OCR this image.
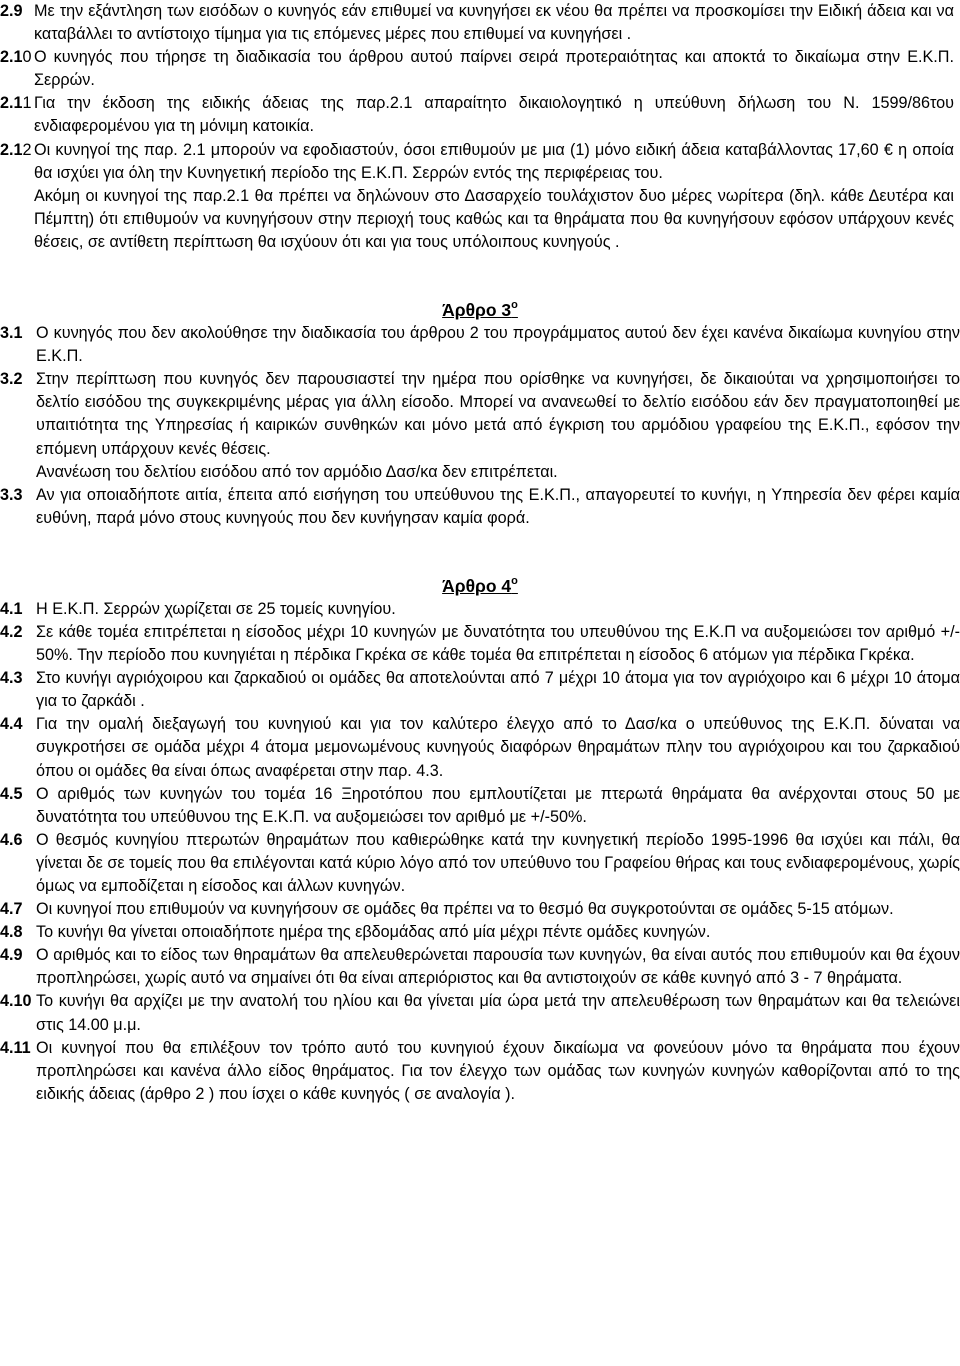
2.9 Με την εξάντληση των εισόδων ο κυνηγός εάν επιθυμεί να κυνηγήσει εκ νέου θα πρέπει να προσκομίσει την Ειδική άδεια και να καταβάλλει το αντίστοιχο τίμημα για τις επόμενες μέρες που επιθυμεί να κυνηγήσει .
2.10 Ο κυνηγός που τήρησε τη διαδικασία του άρθρου αυτού παίρνει σειρά προτεραιότητας και αποκτά το δικαίωμα στην Ε.Κ.Π. Σερρών.
2.11 Για την έκδοση της ειδικής άδειας της παρ.2.1 απαραίτητο δικαιολογητικό η υπεύθυνη δήλωση του Ν. 1599/86του ενδιαφερομένου για τη μόνιμη κατοικία.
2.12 Οι κυνηγοί της παρ. 2.1 μπορούν να εφοδιαστούν, όσοι επιθυμούν με μια (1) μόνο ειδική άδεια καταβάλλοντας 17,60 € η οποία θα ισχύει για όλη την Κυνηγετική περίοδο της Ε.Κ.Π. Σερρών εντός της περιφέρειας του.
Ακόμη οι κυνηγοί της παρ.2.1 θα πρέπει να δηλώνουν στο Δασαρχείο τουλάχιστον δυο μέρες νωρίτερα (δηλ. κάθε Δευτέρα και Πέμπτη) ότι επιθυμούν να κυνηγήσουν στην περιοχή τους καθώς και τα θηράματα που θα κυνηγήσουν εφόσον υπάρχουν κενές θέσεις, σε αντίθετη περίπτωση θα ισχύουν ότι και για τους υπόλοιπους κυνηγούς .
Άρθρο $3^o$
3.1 Ο κυνηγός που δεν ακολούθησε την διαδικασία του άρθρου 2 του προγράμματος αυτού δεν έχει κανένα δικαίωμα κυνηγίου στην Ε.Κ.Π.
3.2 Στην περίπτωση που κυνηγός δεν παρουσιαστεί την ημέρα που ορίσθηκε να κυνηγήσει, δε δικαιούται να χρησιμοποιήσει το δελτίο εισόδου της συγκεκριμένης μέρας για άλλη είσοδο. Μπορεί να ανανεωθεί το δελτίο εισόδου εάν δεν πραγματοποιηθεί με υπαιτιότητα της Υπηρεσίας ή καιρικών συνθηκών και μόνο μετά από έγκριση του αρμόδιου γραφείου της Ε.Κ.Π., εφόσον την επόμενη υπάρχουν κενές θέσεις.
Ανανέωση του δελτίου εισόδου από τον αρμόδιο Δασ/κα δεν επιτρέπεται.
3.3 Αν για οποιαδήποτε αιτία, έπειτα από εισήγηση του υπεύθυνου της Ε.Κ.Π., απαγορευτεί το κυνήγι, η Υπηρεσία δεν φέρει καμία ευθύνη, παρά μόνο στους κυνηγούς που δεν κυνήγησαν καμία φορά.
Άρθρο $4^o$
4.1 Η Ε.Κ.Π. Σερρών χωρίζεται σε 25 τομείς κυνηγίου.
4.2 Σε κάθε τομέα επιτρέπεται η είσοδος μέχρι 10 κυνηγών με δυνατότητα του υπευθύνου της Ε.Κ.Π να αυξομειώσει τον αριθμό +/- 50%. Την περίοδο που κυνηγιέται η πέρδικα Γκρέκα σε κάθε τομέα θα επιτρέπεται η είσοδος 6 ατόμων για πέρδικα Γκρέκα.
4.3 Στο κυνήγι αγριόχοιρου και ζαρκαδιού οι ομάδες θα αποτελούνται από 7 μέχρι 10 άτομα για τον αγριόχοιρο και 6 μέχρι 10 άτομα για το ζαρκάδι .
4.4 Για την ομαλή διεξαγωγή του κυνηγιού και για τον καλύτερο έλεγχο από το Δασ/κα ο υπεύθυνος της Ε.Κ.Π. δύναται να συγκροτήσει σε ομάδα μέχρι 4 άτομα μεμονωμένους κυνηγούς διαφόρων θηραμάτων πλην του αγριόχοιρου και του ζαρκαδιού όπου οι ομάδες θα είναι όπως αναφέρεται στην παρ. 4.3.
4.5 Ο αριθμός των κυνηγών του τομέα 16 Ξηροτόπου που εμπλουτίζεται με πτερωτά θηράματα θα ανέρχονται στους 50 με δυνατότητα του υπεύθυνου της Ε.Κ.Π. να αυξομειώσει τον αριθμό με +/-50%.
4.6 Ο θεσμός κυνηγίου πτερωτών θηραμάτων που καθιερώθηκε κατά την κυνηγετική περίοδο 1995-1996 θα ισχύει και πάλι, θα γίνεται δε σε τομείς που θα επιλέγονται κατά κύριο λόγο από τον υπεύθυνο του Γραφείου θήρας και τους ενδιαφερομένους, χωρίς όμως να εμποδίζεται η είσοδος και άλλων κυνηγών.
4.7 Οι κυνηγοί που επιθυμούν να κυνηγήσουν σε ομάδες θα πρέπει να το θεσμό θα συγκροτούνται σε ομάδες 5-15 ατόμων.
4.8 Το κυνήγι θα γίνεται οποιαδήποτε ημέρα της εβδομάδας από μία μέχρι πέντε ομάδες κυνηγών.
4.9 Ο αριθμός και το είδος των θηραμάτων θα απελευθερώνεται παρουσία των κυνηγών, θα είναι αυτός που επιθυμούν και θα έχουν προπληρώσει, χωρίς αυτό να σημαίνει ότι θα είναι απεριόριστος και θα αντιστοιχούν σε κάθε κυνηγό από 3 - 7 θηράματα.
4.10 Το κυνήγι θα αρχίζει με την ανατολή του ηλίου και θα γίνεται μία ώρα μετά την απελευθέρωση των θηραμάτων και θα τελειώνει στις 14.00 μ.μ.
4.11 Οι κυνηγοί που θα επιλέξουν τον τρόπο αυτό του κυνηγιού έχουν δικαίωμα να φονεύουν μόνο τα θηράματα που έχουν προπληρώσει και κανένα άλλο είδος θηράματος. Για τον έλεγχο των ομάδας των κυνηγών κυνηγών καθορίζονται από το της ειδικής άδειας (άρθρο 2 ) που ίσχει ο κάθε κυνηγός ( σε αναλογία ).
